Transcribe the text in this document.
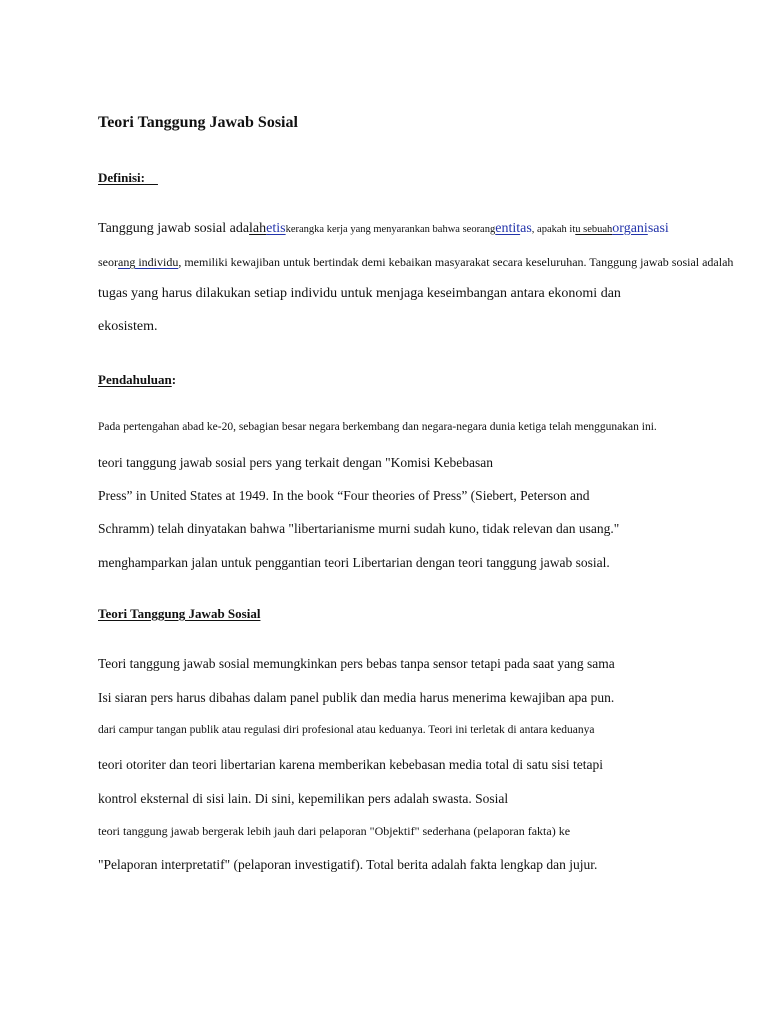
Teori Tanggung Jawab Sosial
Definisi:
Tanggung jawab sosial adalahetiskerangka kerja yang menyarankan bahwa seorangentitas, apakah itu sebuahorganisasi
seorang individu, memiliki kewajiban untuk bertindak demi kebaikan masyarakat secara keseluruhan. Tanggung jawab sosial adalah
tugas yang harus dilakukan setiap individu untuk menjaga keseimbangan antara ekonomi dan
ekosistem.
Pendahuluan:
Pada pertengahan abad ke-20, sebagian besar negara berkembang dan negara-negara dunia ketiga telah menggunakan ini.
teori tanggung jawab sosial pers yang terkait dengan "Komisi Kebebasan
Press” in United States at 1949. In the book “Four theories of Press” (Siebert, Peterson and
Schramm) telah dinyatakan bahwa "libertarianisme murni sudah kuno, tidak relevan dan usang."
menghamparkan jalan untuk penggantian teori Libertarian dengan teori tanggung jawab sosial.
Teori Tanggung Jawab Sosial
Teori tanggung jawab sosial memungkinkan pers bebas tanpa sensor tetapi pada saat yang sama
Isi siaran pers harus dibahas dalam panel publik dan media harus menerima kewajiban apa pun.
dari campur tangan publik atau regulasi diri profesional atau keduanya. Teori ini terletak di antara keduanya
teori otoriter dan teori libertarian karena memberikan kebebasan media total di satu sisi tetapi
kontrol eksternal di sisi lain. Di sini, kepemilikan pers adalah swasta. Sosial
teori tanggung jawab bergerak lebih jauh dari pelaporan "Objektif" sederhana (pelaporan fakta) ke
"Pelaporan interpretatif" (pelaporan investigatif). Total berita adalah fakta lengkap dan jujur.
